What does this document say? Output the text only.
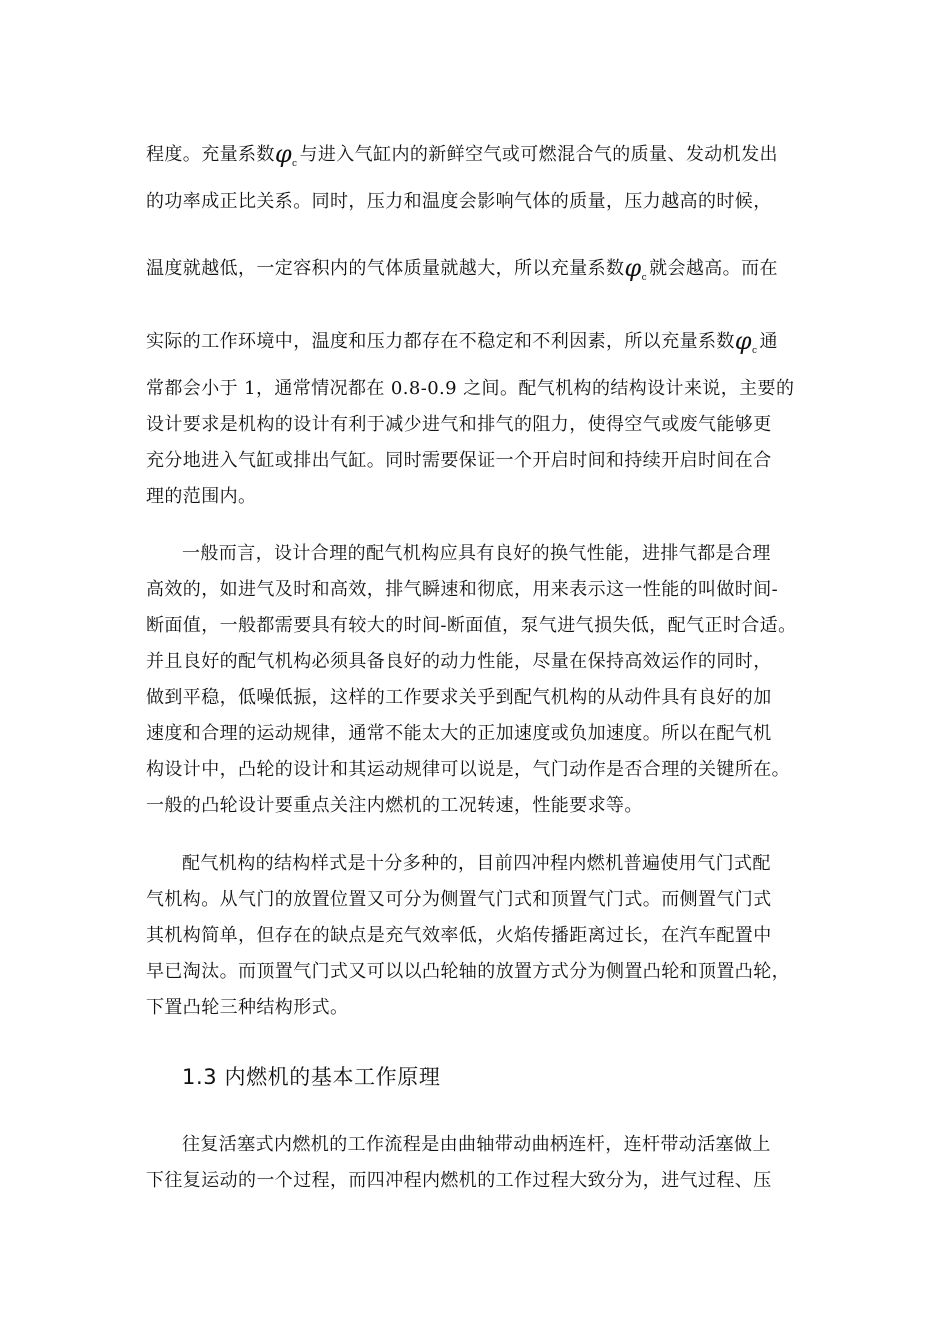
程度。充量系数$\varphi_c$ 与进入气缸内的新鲜空气或可燃混合气的质量、发动机发出
的功率成正比关系。同时，压力和温度会影响气体的质量，压力越高的时候，
温度就越低，一定容积内的气体质量就越大，所以充量系数$\varphi_c$ 就会越高。而在
实际的工作环境中，温度和压力都存在不稳定和不利因素，所以充量系数$\varphi_c$ 通
常都会小于 1，通常情况都在 0.8-0.9 之间。配气机构的结构设计来说，主要的
设计要求是机构的设计有利于减少进气和排气的阻力，使得空气或废气能够更
充分地进入气缸或排出气缸。同时需要保证一个开启时间和持续开启时间在合
理的范围内。
一般而言，设计合理的配气机构应具有良好的换气性能，进排气都是合理
高效的，如进气及时和高效，排气瞬速和彻底，用来表示这一性能的叫做时间-
断面值，一般都需要具有较大的时间-断面值，泵气进气损失低，配气正时合适。
并且良好的配气机构必须具备良好的动力性能，尽量在保持高效运作的同时，
做到平稳，低噪低振，这样的工作要求关乎到配气机构的从动件具有良好的加
速度和合理的运动规律，通常不能太大的正加速度或负加速度。所以在配气机
构设计中，凸轮的设计和其运动规律可以说是，气门动作是否合理的关键所在。
一般的凸轮设计要重点关注内燃机的工况转速，性能要求等。
配气机构的结构样式是十分多种的，目前四冲程内燃机普遍使用气门式配
气机构。从气门的放置位置又可分为侧置气门式和顶置气门式。而侧置气门式
其机构简单，但存在的缺点是充气效率低，火焰传播距离过长，在汽车配置中
早已淘汰。而顶置气门式又可以以凸轮轴的放置方式分为侧置凸轮和顶置凸轮，
下置凸轮三种结构形式。
1.3 内燃机的基本工作原理
往复活塞式内燃机的工作流程是由曲轴带动曲柄连杆，连杆带动活塞做上
下往复运动的一个过程，而四冲程内燃机的工作过程大致分为，进气过程、压
